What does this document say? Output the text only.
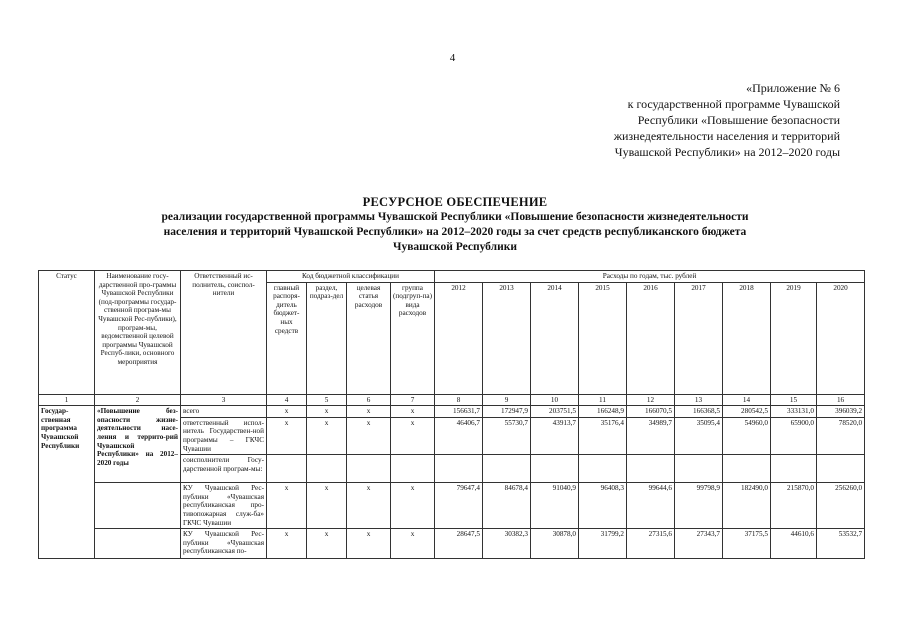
4
«Приложение № 6
к государственной программе Чувашской
Республики «Повышение безопасности
жизнедеятельности населения и территорий
Чувашской Республики» на 2012–2020 годы
РЕСУРСНОЕ ОБЕСПЕЧЕНИЕ
реализации государственной программы Чувашской Республики «Повышение безопасности жизнедеятельности
населения и территорий Чувашской Республики» на 2012–2020 годы за счет средств республиканского бюджета
Чувашской Республики
Статус	Наименование госу-дарственной про-граммы Чувашской Республики (под-программы государ-ственной програм-мы Чувашской Рес-публики), програм-мы, ведомственной целевой программы Чувашской Респуб-лики, основного мероприятия	Ответственный ис-полнитель, соиспол-нители	Код бюджетной классификации				Расходы по годам, тыс. рублей								
			главный распоря-дитель бюджет-ных средств	раздел, подраз-дел	целевая статья расходов	группа (подгруп-па) вида расходов	2012	2013	2014	2015	2016	2017	2018	2019	2020
1	2	3	4	5	6	7	8	9	10	11	12	13	14	15	16
Государ-ственная программа Чувашской Республики	«Повышение без-опасности жизне-деятельности насе-ления и террито-рий Чувашской Республики» на 2012–2020 годы	всего	x	x	x	x	156631,7	172947,9	203751,5	166248,9	166070,5	166368,5	280542,5	333131,0	396039,2
		ответственный испол-нитель Государствен-ной программы – ГКЧС Чувашии	x	x	x	x	46406,7	55730,7	43913,7	35176,4	34989,7	35095,4	54960,0	65900,0	78520,0
		соисполнители Госу-дарственной програм-мы:													
		КУ Чувашской Рес-публики «Чувашская республиканская про-тивопожарная служ-ба» ГКЧС Чувашии	x	x	x	x	79647,4	84678,4	91040,9	96408,3	99644,6	99798,9	182490,0	215870,0	256260,0
		КУ Чувашской Рес-публики «Чувашская республиканская по-	x	x	x	x	28647,5	30382,3	30878,0	31799,2	27315,6	27343,7	37175,5	44610,6	53532,7
